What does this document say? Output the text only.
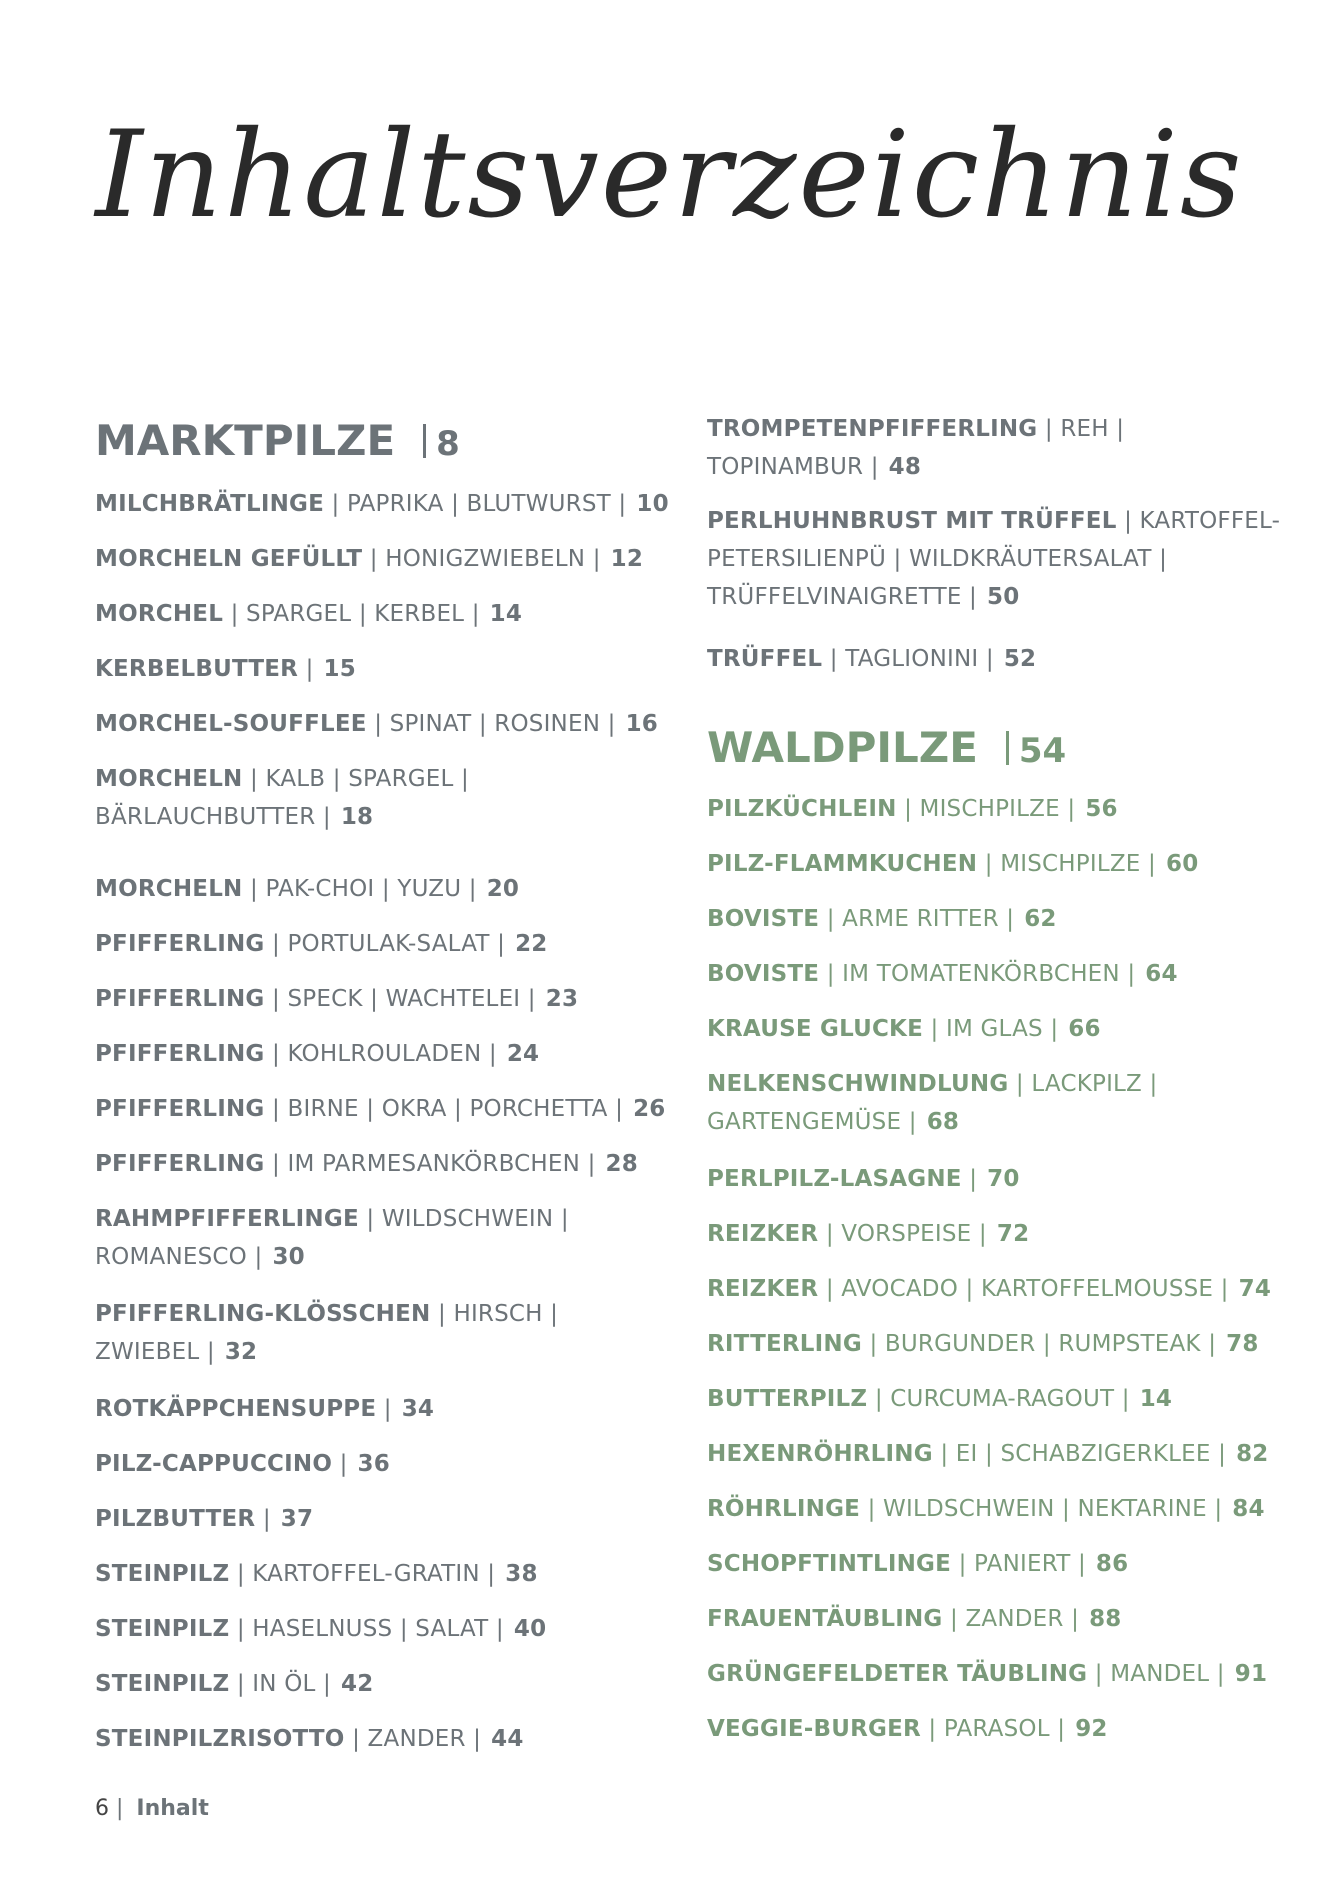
Inhaltsverzeichnis
MARKTPILZE 8
MILCHBRÄTLINGE | PAPRIKA | BLUTWURST | 10
MORCHELN GEFÜLLT | HONIGZWIEBELN | 12
MORCHEL | SPARGEL | KERBEL | 14
KERBELBUTTER | 15
MORCHEL-SOUFFLEE | SPINAT | ROSINEN | 16
MORCHELN | KALB | SPARGEL |
BÄRLAUCHBUTTER | 18
MORCHELN | PAK-CHOI | YUZU | 20
PFIFFERLING | PORTULAK-SALAT | 22
PFIFFERLING | SPECK | WACHTELEI | 23
PFIFFERLING | KOHLROULADEN | 24
PFIFFERLING | BIRNE | OKRA | PORCHETTA | 26
PFIFFERLING | IM PARMESANKÖRBCHEN | 28
RAHMPFIFFERLINGE | WILDSCHWEIN |
ROMANESCO | 30
PFIFFERLING-KLÖSSCHEN | HIRSCH |
ZWIEBEL | 32
ROTKÄPPCHENSUPPE | 34
PILZ-CAPPUCCINO | 36
PILZBUTTER | 37
STEINPILZ | KARTOFFEL-GRATIN | 38
STEINPILZ | HASELNUSS | SALAT | 40
STEINPILZ | IN ÖL | 42
STEINPILZRISOTTO | ZANDER | 44
TROMPETENPFIFFERLING | REH |
TOPINAMBUR | 48
PERLHUHNBRUST MIT TRÜFFEL | KARTOFFEL-
PETERSILIENPÜ | WILDKRÄUTERSALAT |
TRÜFFELVINAIGRETTE | 50
TRÜFFEL | TAGLIONINI | 52
WALDPILZE 54
PILZKÜCHLEIN | MISCHPILZE | 56
PILZ-FLAMMKUCHEN | MISCHPILZE | 60
BOVISTE | ARME RITTER | 62
BOVISTE | IM TOMATENKÖRBCHEN | 64
KRAUSE GLUCKE | IM GLAS | 66
NELKENSCHWINDLUNG | LACKPILZ |
GARTENGEMÜSE | 68
PERLPILZ-LASAGNE | 70
REIZKER | VORSPEISE | 72
REIZKER | AVOCADO | KARTOFFELMOUSSE | 74
RITTERLING | BURGUNDER | RUMPSTEAK | 78
BUTTERPILZ | CURCUMA-RAGOUT | 14
HEXENRÖHRLING | EI | SCHABZIGERKLEE | 82
RÖHRLINGE | WILDSCHWEIN | NEKTARINE | 84
SCHOPFTINTLINGE | PANIERT | 86
FRAUENTÄUBLING | ZANDER | 88
GRÜNGEFELDETER TÄUBLING | MANDEL | 91
VEGGIE-BURGER | PARASOL | 92
6 | Inhalt
